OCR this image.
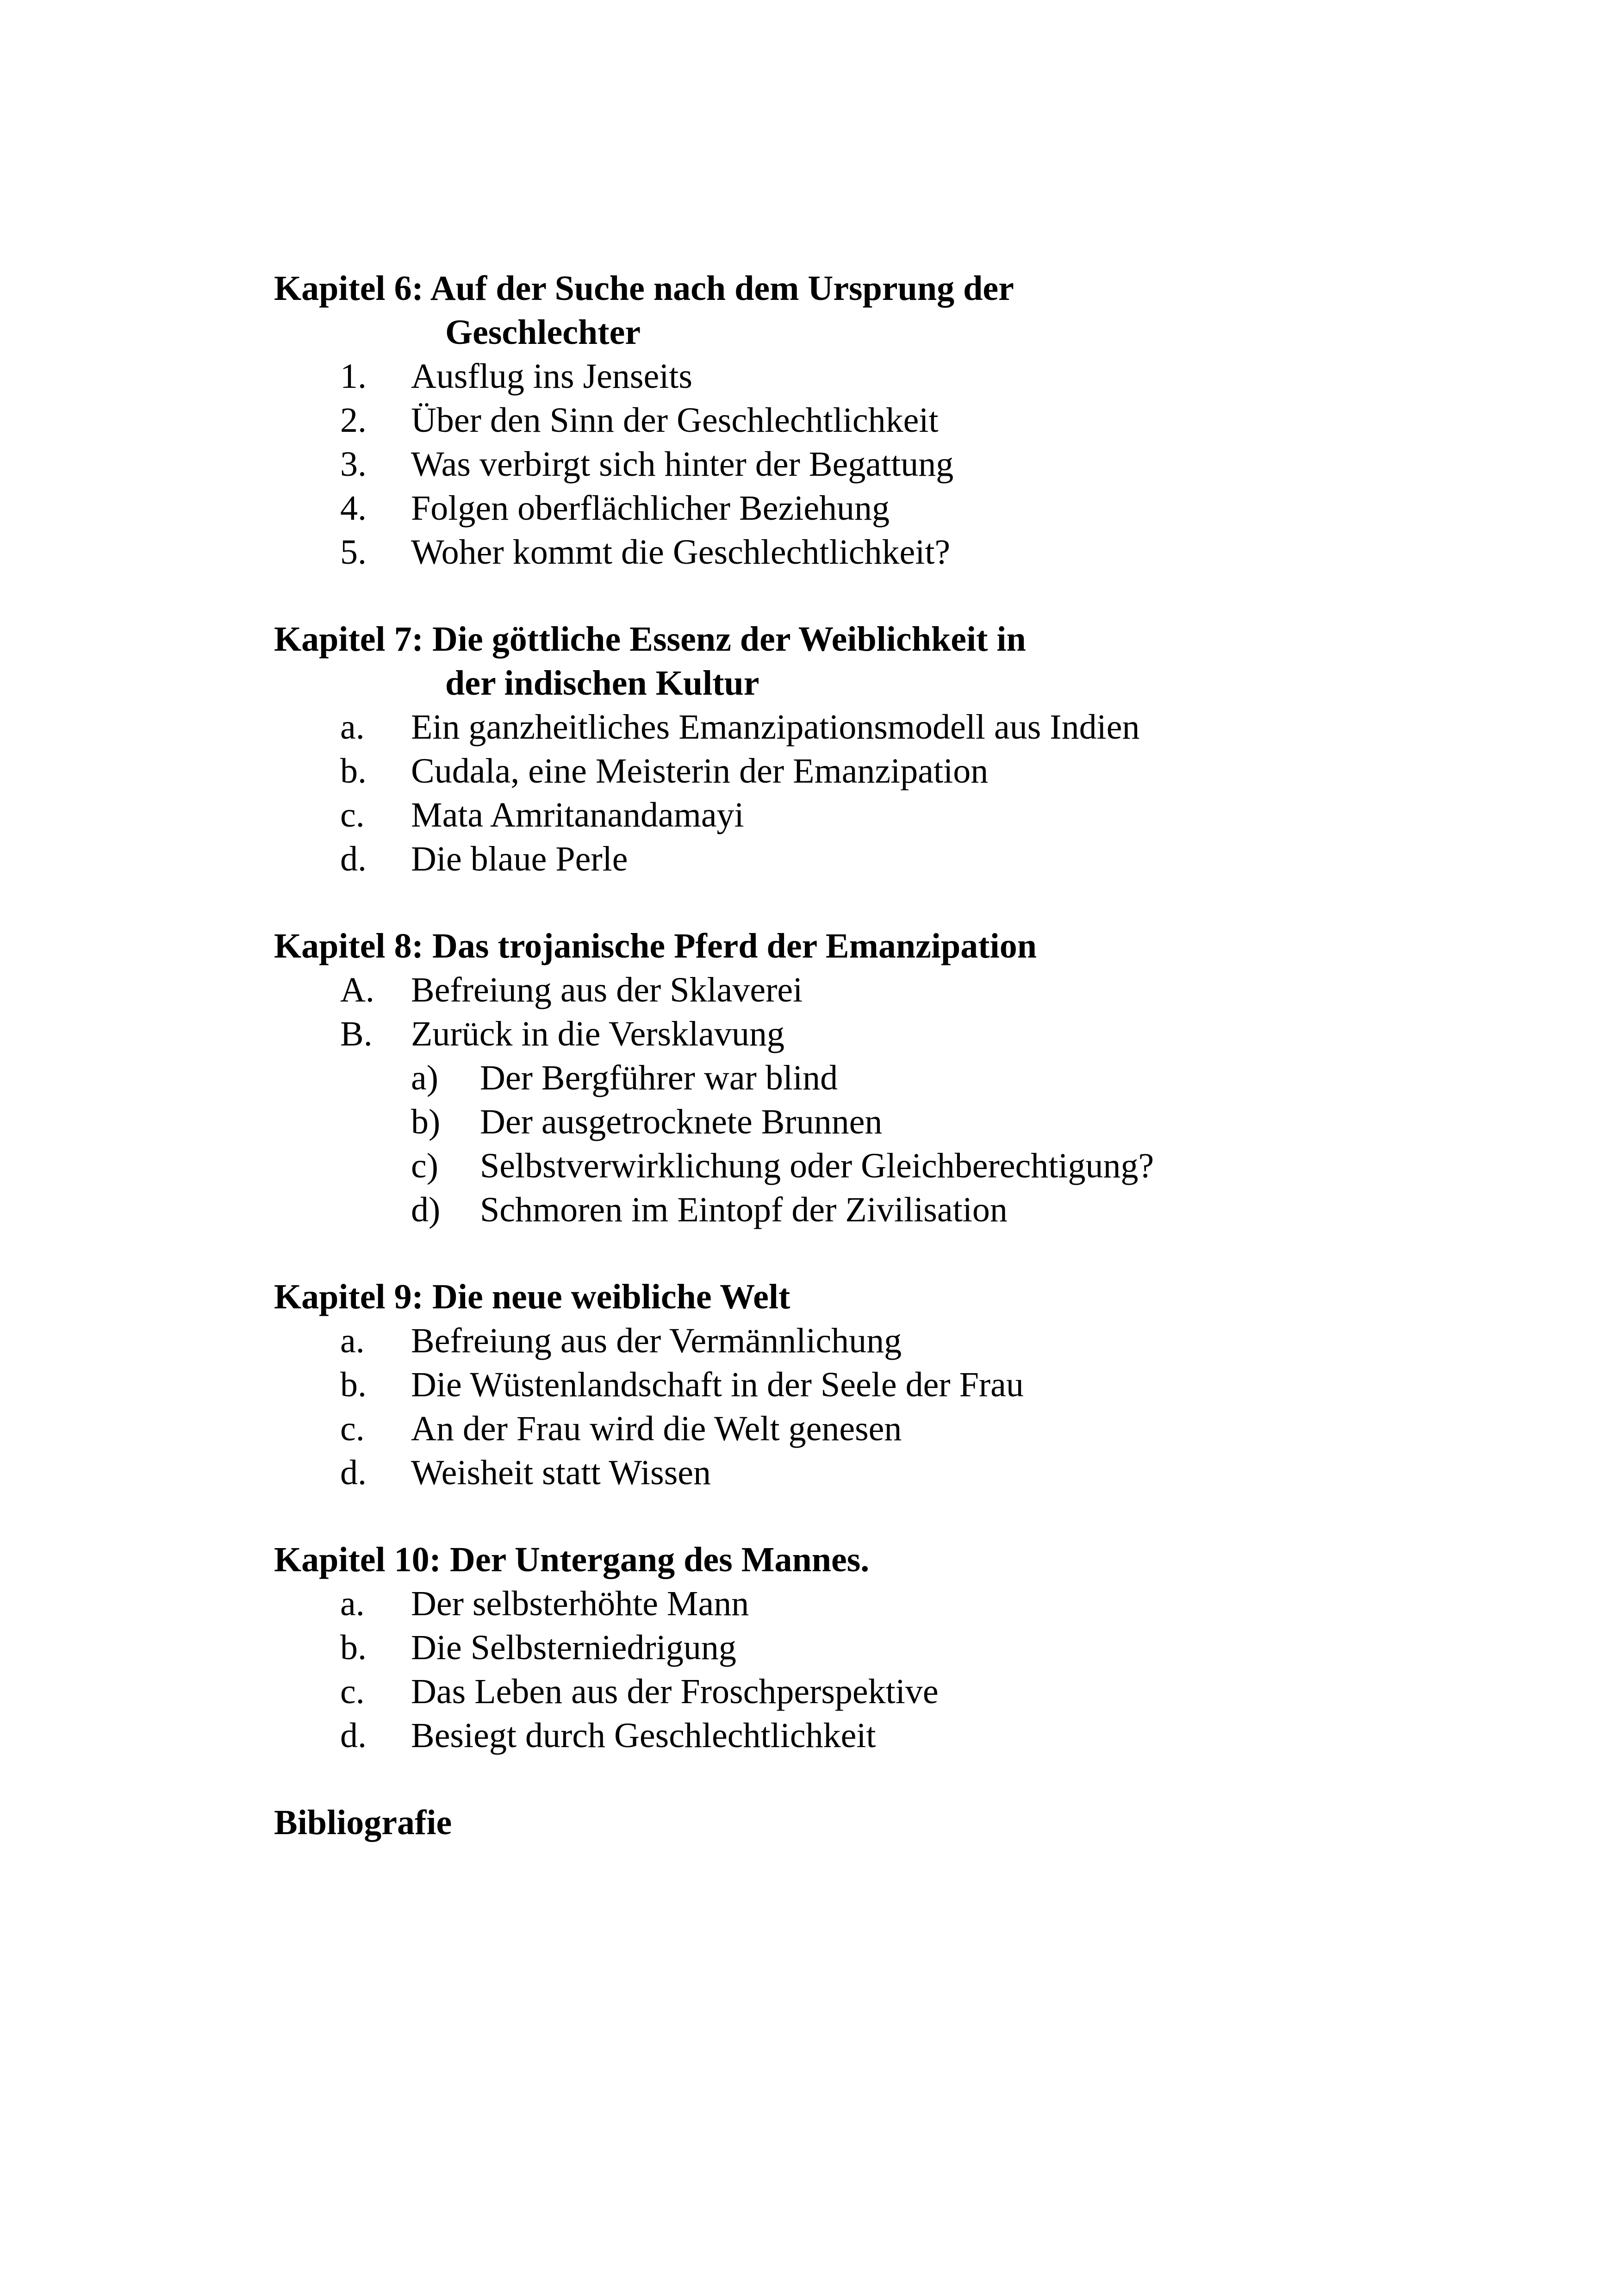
Kapitel 6: Auf der Suche nach dem Ursprung der
Geschlechter
1. Ausflug ins Jenseits
2. Über den Sinn der Geschlechtlichkeit
3. Was verbirgt sich hinter der Begattung
4. Folgen oberflächlicher Beziehung
5. Woher kommt die Geschlechtlichkeit?
Kapitel 7: Die göttliche Essenz der Weiblichkeit in
der indischen Kultur
a. Ein ganzheitliches Emanzipationsmodell aus Indien
b. Cudala, eine Meisterin der Emanzipation
c. Mata Amritanandamayi
d. Die blaue Perle
Kapitel 8: Das trojanische Pferd der Emanzipation
A. Befreiung aus der Sklaverei
B. Zurück in die Versklavung
a) Der Bergführer war blind
b) Der ausgetrocknete Brunnen
c) Selbstverwirklichung oder Gleichberechtigung?
d) Schmoren im Eintopf der Zivilisation
Kapitel 9: Die neue weibliche Welt
a. Befreiung aus der Vermännlichung
b. Die Wüstenlandschaft in der Seele der Frau
c. An der Frau wird die Welt genesen
d. Weisheit statt Wissen
Kapitel 10: Der Untergang des Mannes.
a. Der selbsterhöhte Mann
b. Die Selbsterniedrigung
c. Das Leben aus der Froschperspektive
d. Besiegt durch Geschlechtlichkeit
Bibliografie
